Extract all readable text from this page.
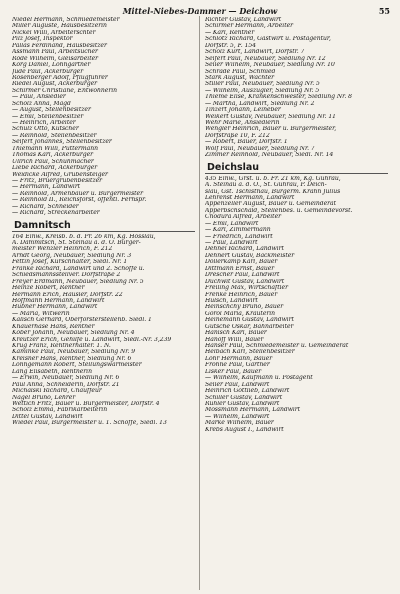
Mittel-Niebes-Dammer — Deichow	55
Niedel Hermann, Schmiedemeister
Miller Auguste, Hausbesitzerin
Nickel Willi, Arbeiterschter
Pilz Josef, Inspektor
Pallas Ferdinand, Hausbesitzer
Assmann Paul, Arbeitsucher
Rode Wilhelm, Gleisarbeiter
Korg Daniel, Lohngärtner
Jude Paul, Ackerbürger
Rosenberger Adolf, Pflugführer
Riedel August, Ackerbürger
Schirmer Christiane, Entwöhnerin
— Paul, Ansiedler
Scholz Anna, Magd
— August, Stellenbesitzer
— Emil, Stellenbesitzer
— Heinrich, Arbeiter
Schulz Otto, Kutscher
— Reinhold, Stellenbesitzer
Seifert Johannes, Stellenbesitzer
Thiemann Willi, Puttermann
Thomas Karl, Ackerbürger
Ullrich Paul, Schuhmacher
Liebe Richard, Ackerbürger
Weidicke Alfred, Grubensteiger
— Fritz, Bruergrubenbesitzer
— Hermann, Landwirt
— Reinhold, Armenbauer u. Bürgermeister
— Reinhold II., Reichsforst, offentl. Fernspr.
— Richard, Schneider
— Richard, Streckenarbeiter
Damnitsch
164 Einw., Kreisb. b. d. Pr. 26 km, Kg. Hosslau,
A. Dammitsch, St. Steinau a. d. O. Bürger-
meister Wenzler Heinrich, F. 212
Arndt Georg, Neubauer, Siedlung Nr. 3
Fettin Josef, Kürschhalter, Siedl. Nr. 1
Franke Richard, Landwirt und 2. Schöffe u.
Schiedsmannsstellver. Dorfstraße 2
Freyer Erdmann, Neubauer, Siedlung Nr. 5
Heinze Robert, Rentner
Hermann Erich, Häusler, Dorfstr. 22
Hoffmann Hermann, Landwirt
Hübner Hermann, Landwirt
— Maria, Witwerin
Kalisch Gerhard, Oberförsterstellenb. Siedl. 1
Knauerhase Hans, Rentner
Kober Johann, Neubauer, Siedlung Nr. 4
Kreutzer Erich, Gehilfe u. Landwirt, Siedl.-Nr. 3,239
Krug Franz, Rentnerhalter. 1. N.
Kaminke Paul, Neubauer, Siedlung Nr. 9
Kreisner Hans, Rentner, Siedlung Nr. 6
Lonngemann Robert, Stellungswärmeister
Lang Elisabeth, Rentnerin
— Erwin, Neubauer, Siedlung Nr. 6
Paul Anna, Schneiderin, Dorfstr. 21
Michalski Richard, Chauffeur
Nagel Bruno, Lehrer
Wettich Fritz, Bauer u. Bürgermeister, Dorfstr. 4
Scholz Emma, Fabrikarbeiterin
Dittel Gustav, Landwirt
Wiedel Paul, Bürgermeister u. 1. Schöffe, Siedl. 13
Richter Gustav, Landwirt
Schirmer Hermann, Arbeiter
— Karl, Rentner
Schlotz Richard, Gastwirt u. Postagentur,
Dorfstr. 5, F. 154
Scholz Kurt, Landwirt, Dorfstr. 7
Seifert Paul, Neubauer, Siedlung Nr. 12
Seiler Wilhelm, Neubauer, Siedlung Nr. 10
Schrade Paul, Schmied
Stark August, Wächter
Stiller Paul, Neubauer, Siedlung Nr. 5
— Wilhelm, Auszügler, Siedlung Nr. 5
Thieme Elise, Krankenschwester, Siedlung Nr. 8
— Martha, Landwirt, Siedlung Nr. 2
Tinzert Johann, Leineber
Weikert Gustav, Neubauer, Siedlung Nr. 11
Wehr Marie, Ansiedlerin
Wengler Heinrich, Bauer u. Bürgermeister,
Dorfstraße 10, F. 212
— Robert, Bauer, Dorfstr. 1
Wolf Paul, Neubauer, Siedlung Nr. 7
Zimmer Reinhold, Neubauer, Siedl. Nr. 14
Deichslau
435 Einw., Grst. u. b. Fr. 21 km, Kg. Guhrau,
A. Steinau a. d. O., St. Guhrau, P. Deich-
slau, Gst. Tschistnau, Bürgerm. Krahn Julius
Lehrenst Hermann, Landwirt
Appenzeller August, Bauer u. Gemeinderat
Apperbschschald, Stellenbes. u. Gemeindevorst.
Chodura Alfred, Arbeiter
— Emil, Landwirt
— Karl, Zimmermann
— Friedrich, Landwirt
— Paul, Landwirt
Dehnel Richard, Landwirt
Dehnert Gustav, Bäckmeister
Dollerkamp Karl, Bauer
Dittmann Ernst, Bauer
Drescher Paul, Landwirt
Duchwit Gustav, Landwirt
Freiling Max, Wirtschaftler
Frenke Heinrich, Bauer
Hulsch, Landwirt
Heinschchy Bruno, Bauer
Gorol Maria, Kräuterin
Heinemann Gustav, Landwirt
Gutsche Oskar, Bahnarbeiter
Hanisch Karl, Bauer
Hanoff Willi, Bauer
Hanser Paul, Schmiedemeister u. Gemeinderat
Helbach Karl, Stellenbesitzer
Lohr Hermann, Bauer
Fröhne Paul, Gärtner
Lisker Paul, Bauer
— Wilhelm, Kaufmann u. Postagent
Seller Paul, Landwirt
Heinrich Gottlieb, Landwirt
Schiller Gustav, Landwirt
Rühler Gustav, Landwirt
Mossmann Hermann, Landwirt
— Wilhelm, Landwirt
Marke Wilhelm, Bauer
Krebs August I., Landwirt
